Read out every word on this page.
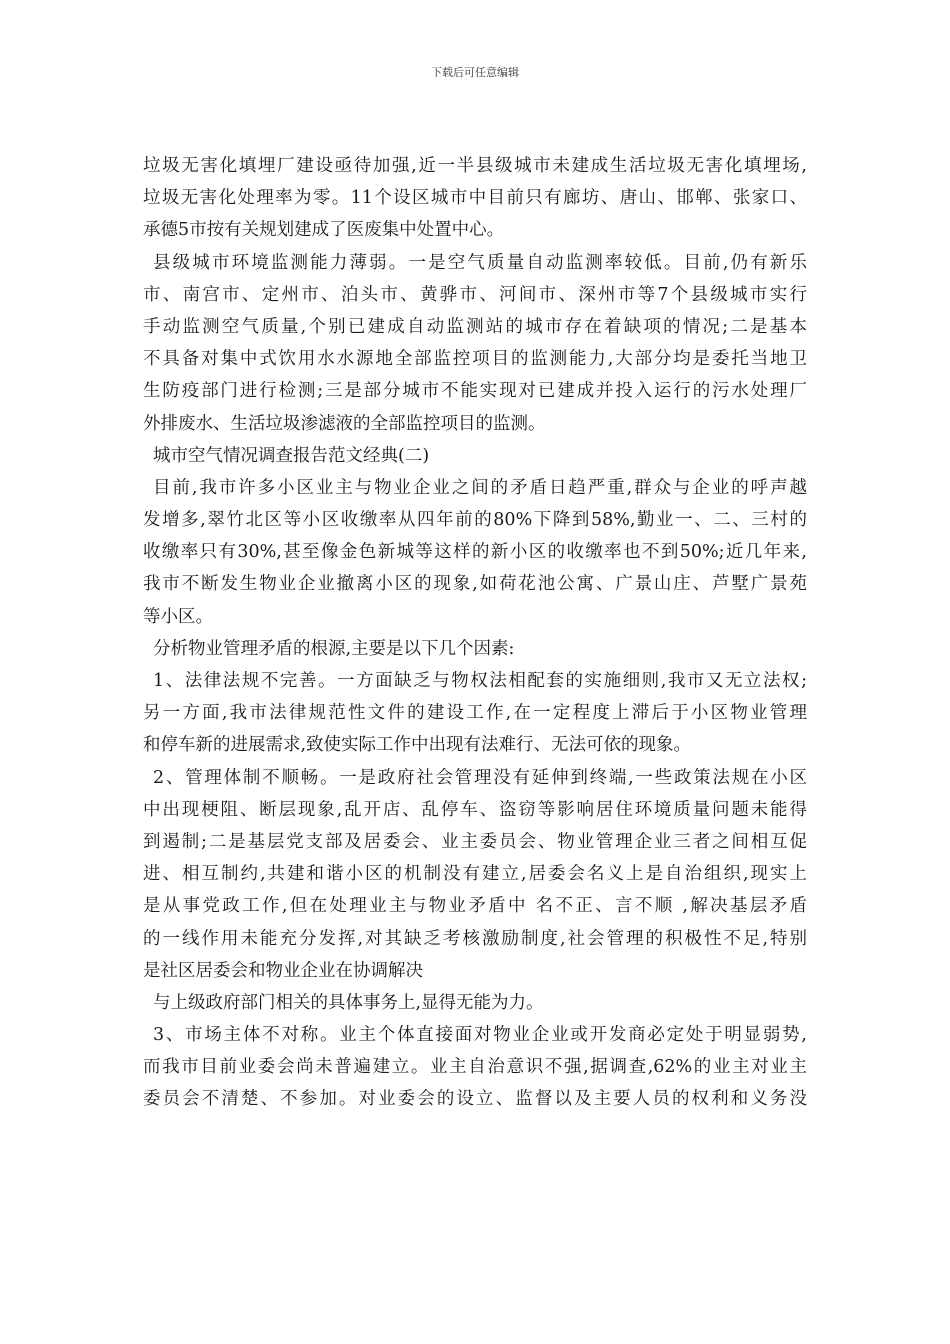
下载后可任意编辑

垃圾无害化填埋厂建设亟待加强,近一半县级城市未建成生活垃圾无害化填埋场,

垃圾无害化处理率为零。11个设区城市中目前只有廊坊、唐山、邯郸、张家口、

承德5市按有关规划建成了医废集中处置中心。

县级城市环境监测能力薄弱。一是空气质量自动监测率较低。目前,仍有新乐

市、南宫市、定州市、泊头市、黄骅市、河间市、深州市等7个县级城市实行

手动监测空气质量,个别已建成自动监测站的城市存在着缺项的情况;二是基本

不具备对集中式饮用水水源地全部监控项目的监测能力,大部分均是委托当地卫

生防疫部门进行检测;三是部分城市不能实现对已建成并投入运行的污水处理厂

外排废水、生活垃圾渗滤液的全部监控项目的监测。

城市空气情况调查报告范文经典(二)

目前,我市许多小区业主与物业企业之间的矛盾日趋严重,群众与企业的呼声越

发增多,翠竹北区等小区收缴率从四年前的80%下降到58%,勤业一、二、三村的

收缴率只有30%,甚至像金色新城等这样的新小区的收缴率也不到50%;近几年来,

我市不断发生物业企业撤离小区的现象,如荷花池公寓、广景山庄、芦墅广景苑

等小区。

分析物业管理矛盾的根源,主要是以下几个因素:

1、法律法规不完善。一方面缺乏与物权法相配套的实施细则,我市又无立法权;

另一方面,我市法律规范性文件的建设工作,在一定程度上滞后于小区物业管理

和停车新的进展需求,致使实际工作中出现有法难行、无法可依的现象。

2、管理体制不顺畅。一是政府社会管理没有延伸到终端,一些政策法规在小区

中出现梗阻、断层现象,乱开店、乱停车、盗窃等影响居住环境质量问题未能得

到遏制;二是基层党支部及居委会、业主委员会、物业管理企业三者之间相互促

进、相互制约,共建和谐小区的机制没有建立,居委会名义上是自治组织,现实上

是从事党政工作,但在处理业主与物业矛盾中 名不正、言不顺 ,解决基层矛盾

的一线作用未能充分发挥,对其缺乏考核激励制度,社会管理的积极性不足,特别

是社区居委会和物业企业在协调解决

与上级政府部门相关的具体事务上,显得无能为力。

3、市场主体不对称。业主个体直接面对物业企业或开发商必定处于明显弱势,

而我市目前业委会尚未普遍建立。业主自治意识不强,据调查,62%的业主对业主

委员会不清楚、不参加。对业委会的设立、监督以及主要人员的权利和义务没
